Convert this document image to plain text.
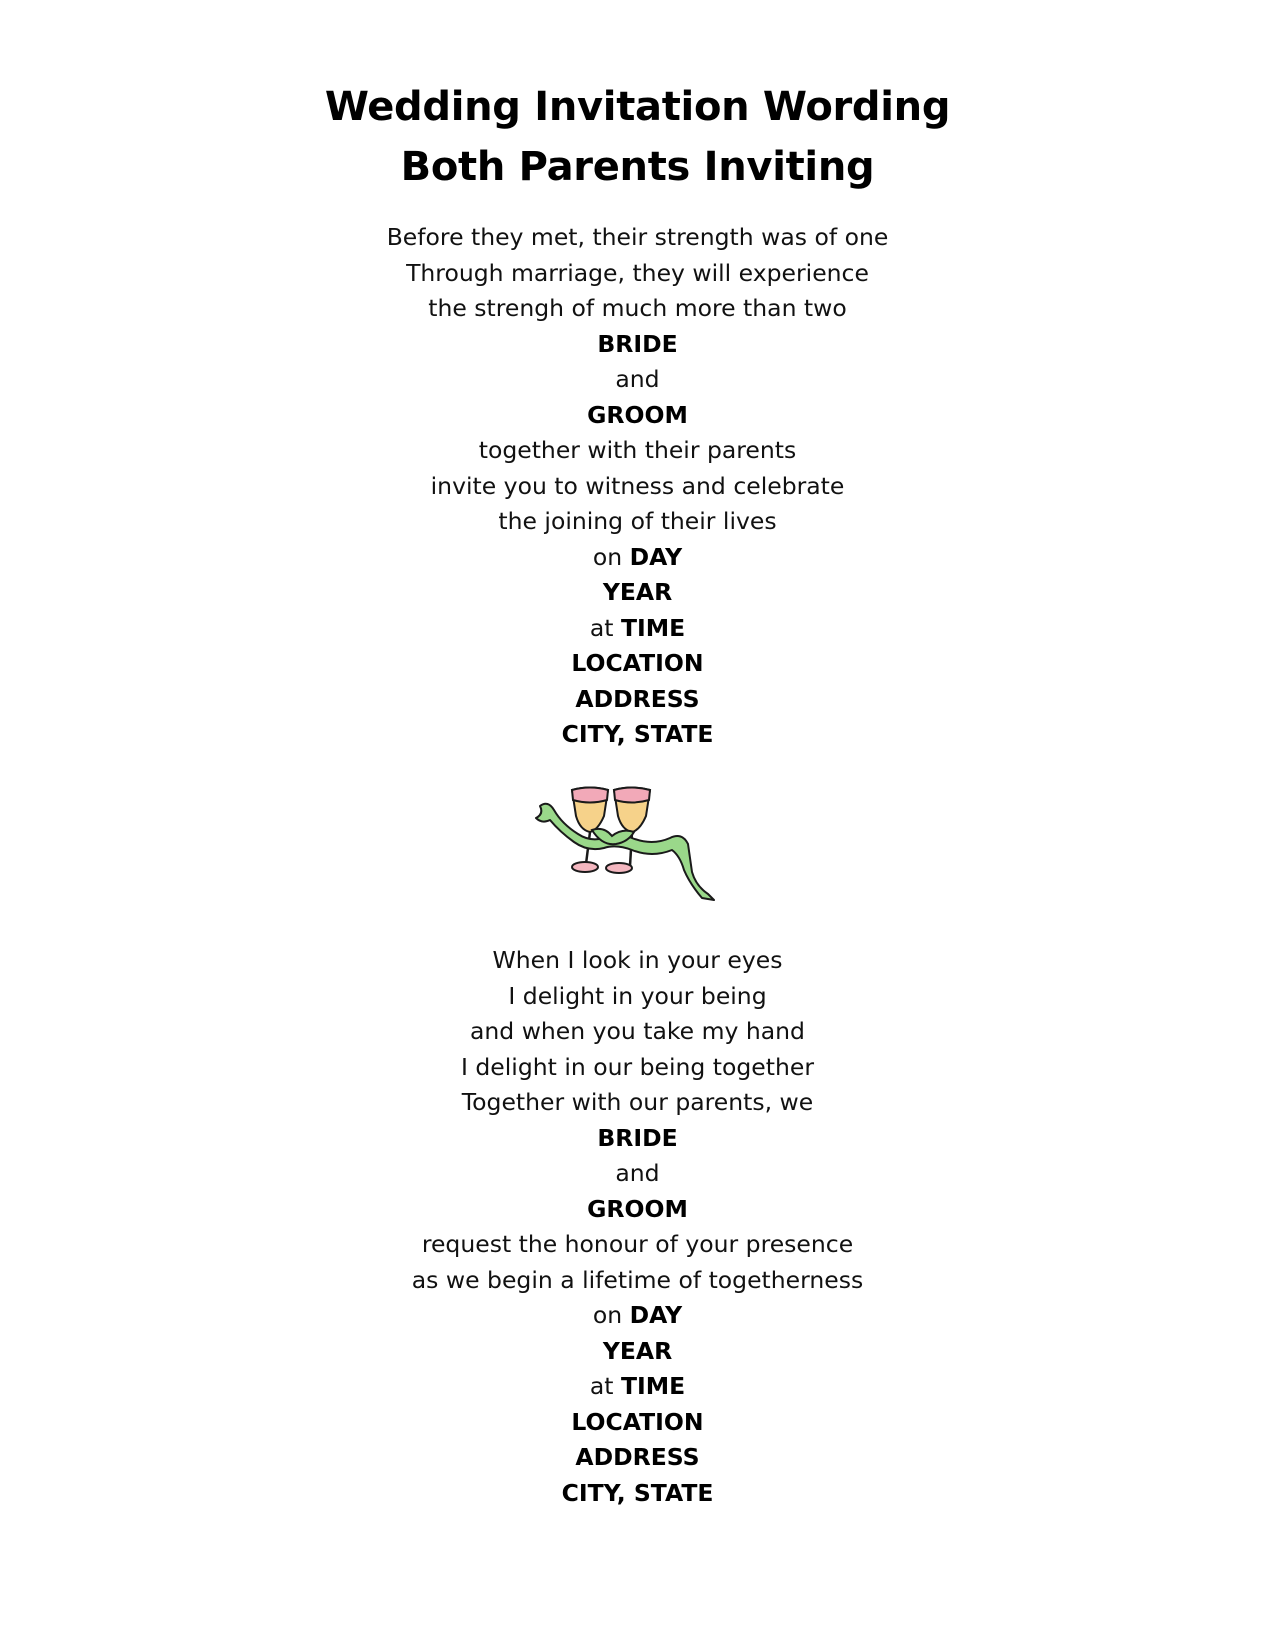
Wedding Invitation Wording
Both Parents Inviting
Before they met, their strength was of one
Through marriage, they will experience
the strengh of much more than two
BRIDE
and
GROOM
together with their parents
invite you to witness and celebrate
the joining of their lives
on DAY
YEAR
at TIME
LOCATION
ADDRESS
CITY, STATE
When I look in your eyes
I delight in your being
and when you take my hand
I delight in our being together
Together with our parents, we
BRIDE
and
GROOM
request the honour of your presence
as we begin a lifetime of togetherness
on DAY
YEAR
at TIME
LOCATION
ADDRESS
CITY, STATE
